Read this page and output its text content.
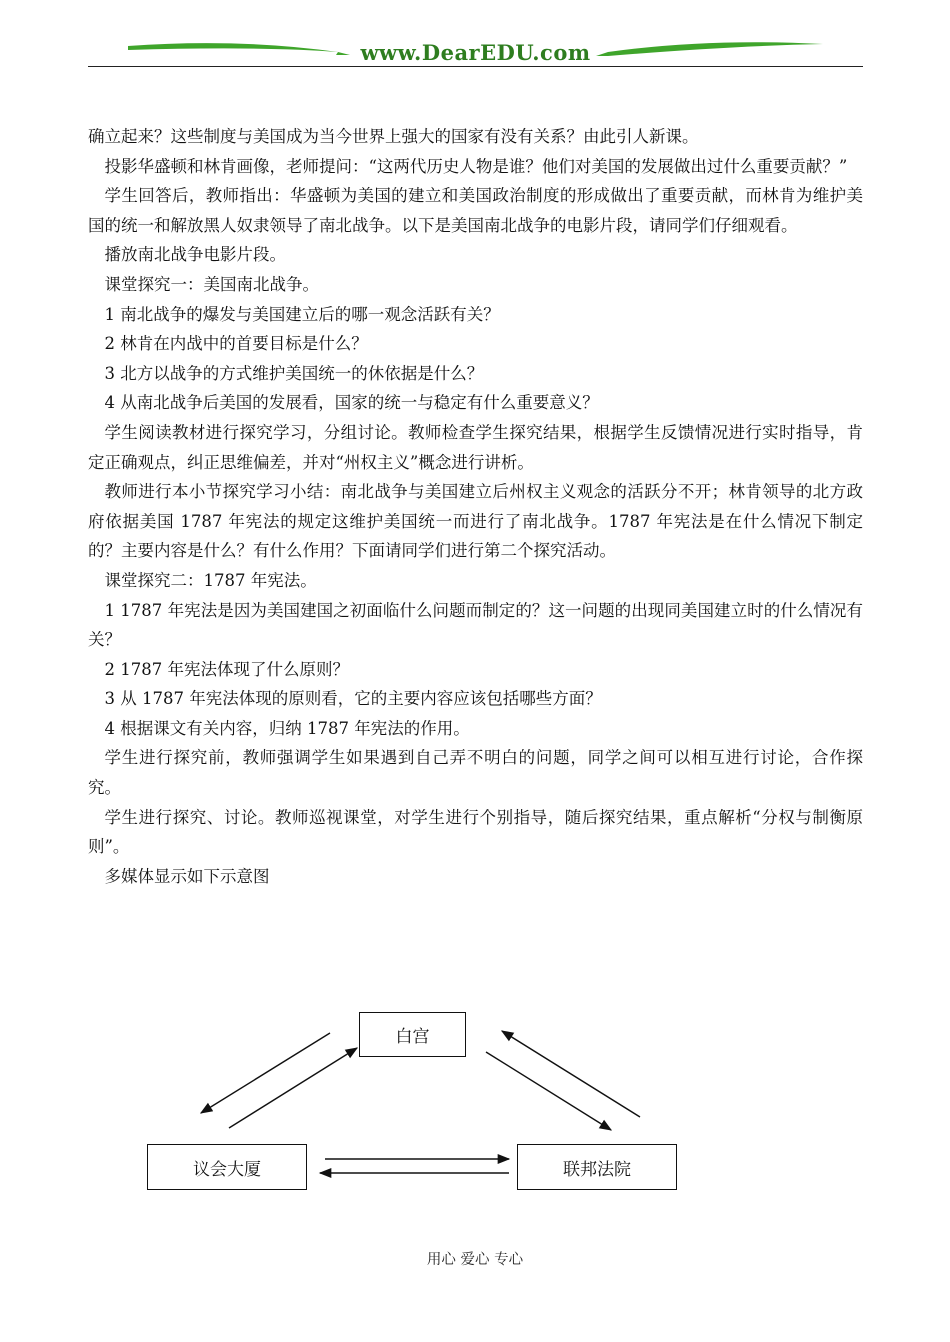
www.DearEDU.com

确立起来？这些制度与美国成为当今世界上强大的国家有没有关系？由此引人新课。

投影华盛顿和林肯画像，老师提问：“这两代历史人物是谁？他们对美国的发展做出过什么重要贡献？”

学生回答后，教师指出：华盛顿为美国的建立和美国政治制度的形成做出了重要贡献，而林肯为维护美国的统一和解放黑人奴隶领导了南北战争。以下是美国南北战争的电影片段，请同学们仔细观看。

播放南北战争电影片段。

课堂探究一：美国南北战争。

1 南北战争的爆发与美国建立后的哪一观念活跃有关？

2 林肯在内战中的首要目标是什么？

3 北方以战争的方式维护美国统一的休依据是什么？

4 从南北战争后美国的发展看，国家的统一与稳定有什么重要意义？

学生阅读教材进行探究学习，分组讨论。教师检查学生探究结果，根据学生反馈情况进行实时指导，肯定正确观点，纠正思维偏差，并对“州权主义”概念进行讲析。

教师进行本小节探究学习小结：南北战争与美国建立后州权主义观念的活跃分不开；林肯领导的北方政府依据美国 1787 年宪法的规定这维护美国统一而进行了南北战争。1787 年宪法是在什么情况下制定的？主要内容是什么？有什么作用？下面请同学们进行第二个探究活动。

课堂探究二：1787 年宪法。

1 1787 年宪法是因为美国建国之初面临什么问题而制定的？这一问题的出现同美国建立时的什么情况有关？

2 1787 年宪法体现了什么原则？

3 从 1787 年宪法体现的原则看，它的主要内容应该包括哪些方面？

4 根据课文有关内容，归纳 1787 年宪法的作用。

学生进行探究前，教师强调学生如果遇到自己弄不明白的问题，同学之间可以相互进行讨论，合作探究。

学生进行探究、讨论。教师巡视课堂，对学生进行个别指导，随后探究结果，重点解析“分权与制衡原则”。

多媒体显示如下示意图

白宫
议会大厦	联邦法院
用心 爱心 专心
